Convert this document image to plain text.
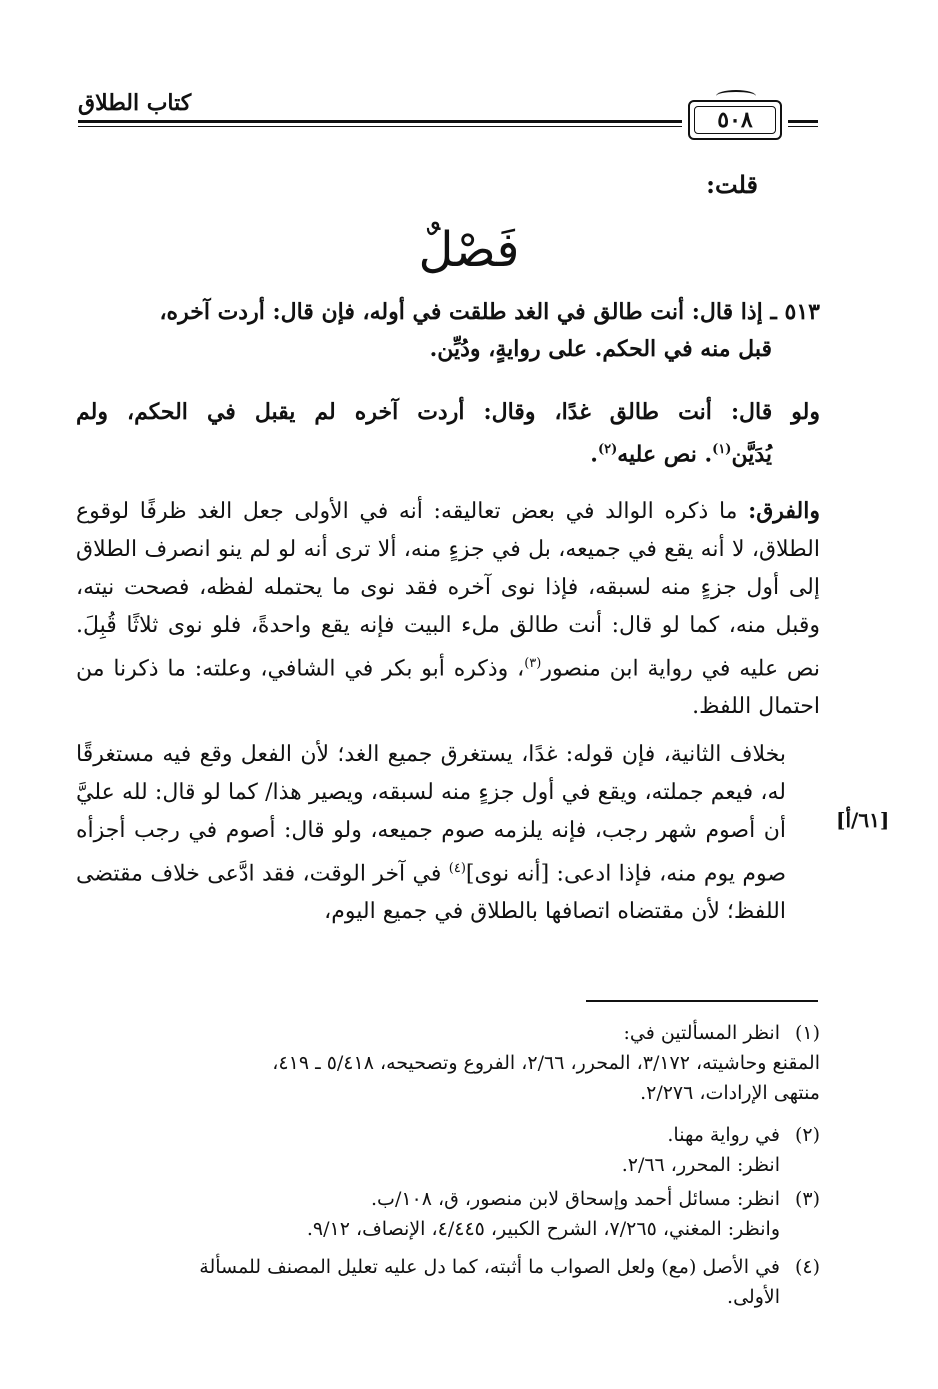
كتاب الطلاق
٥٠٨
قلت:
فَصْلٌ
٥١٣ ـ إذا قال: أنت طالق في الغد طلقت في أوله، فإن قال: أردت آخره،
قبل منه في الحكم. على روايةٍ، ودُيِّن.
ولو قال: أنت طالق غدًا، وقال: أردت آخره لم يقبل في الحكم، ولم
يُدَيَّن$^{(١)}$. نص عليه$^{(٢)}$.
والفرق: ما ذكره الوالد في بعض تعاليقه: أنه في الأولى جعل الغد ظرفًا لوقوع الطلاق، لا أنه يقع في جميعه، بل في جزءٍ منه، ألا ترى أنه لو لم ينو انصرف الطلاق إلى أول جزءٍ منه لسبقه، فإذا نوى آخره فقد نوى ما يحتمله لفظه، فصحت نيته، وقبل منه، كما لو قال: أنت طالق ملء البيت فإنه يقع واحدةً، فلو نوى ثلاثًا قُبِلَ. نص عليه في رواية ابن منصور$^{(٣)}$، وذكره أبو بكر في الشافي، وعلته: ما ذكرنا من احتمال اللفظ.
بخلاف الثانية، فإن قوله: غدًا، يستغرق جميع الغد؛ لأن الفعل وقع فيه مستغرقًا له، فيعم جملته، ويقع في أول جزءٍ منه لسبقه، ويصير هذا/ كما لو قال: لله عليَّ أن أصوم شهر رجب، فإنه يلزمه صوم جميعه، ولو قال: أصوم في رجب أجزأه صوم يوم منه، فإذا ادعى: [أنه نوى]$^{(٤)}$ في آخر الوقت، فقد ادَّعى خلاف مقتضى اللفظ؛ لأن مقتضاه اتصافها بالطلاق في جميع اليوم،
[٦١/أ]
(١)انظر المسألتين في:
المقنع وحاشيته، ٣/١٧٢، المحرر، ٢/٦٦، الفروع وتصحيحه، ٥/٤١٨ ـ ٤١٩،
منتهى الإرادات، ٢/٢٧٦.
(٢)في رواية مهنا.
انظر: المحرر، ٢/٦٦.
(٣)انظر: مسائل أحمد وإسحاق لابن منصور، ق، ١٠٨/ب.
وانظر: المغني، ٧/٢٦٥، الشرح الكبير، ٤/٤٤٥، الإنصاف، ٩/١٢.
(٤)في الأصل (مع) ولعل الصواب ما أثبته، كما دل عليه تعليل المصنف للمسألة
الأولى.
